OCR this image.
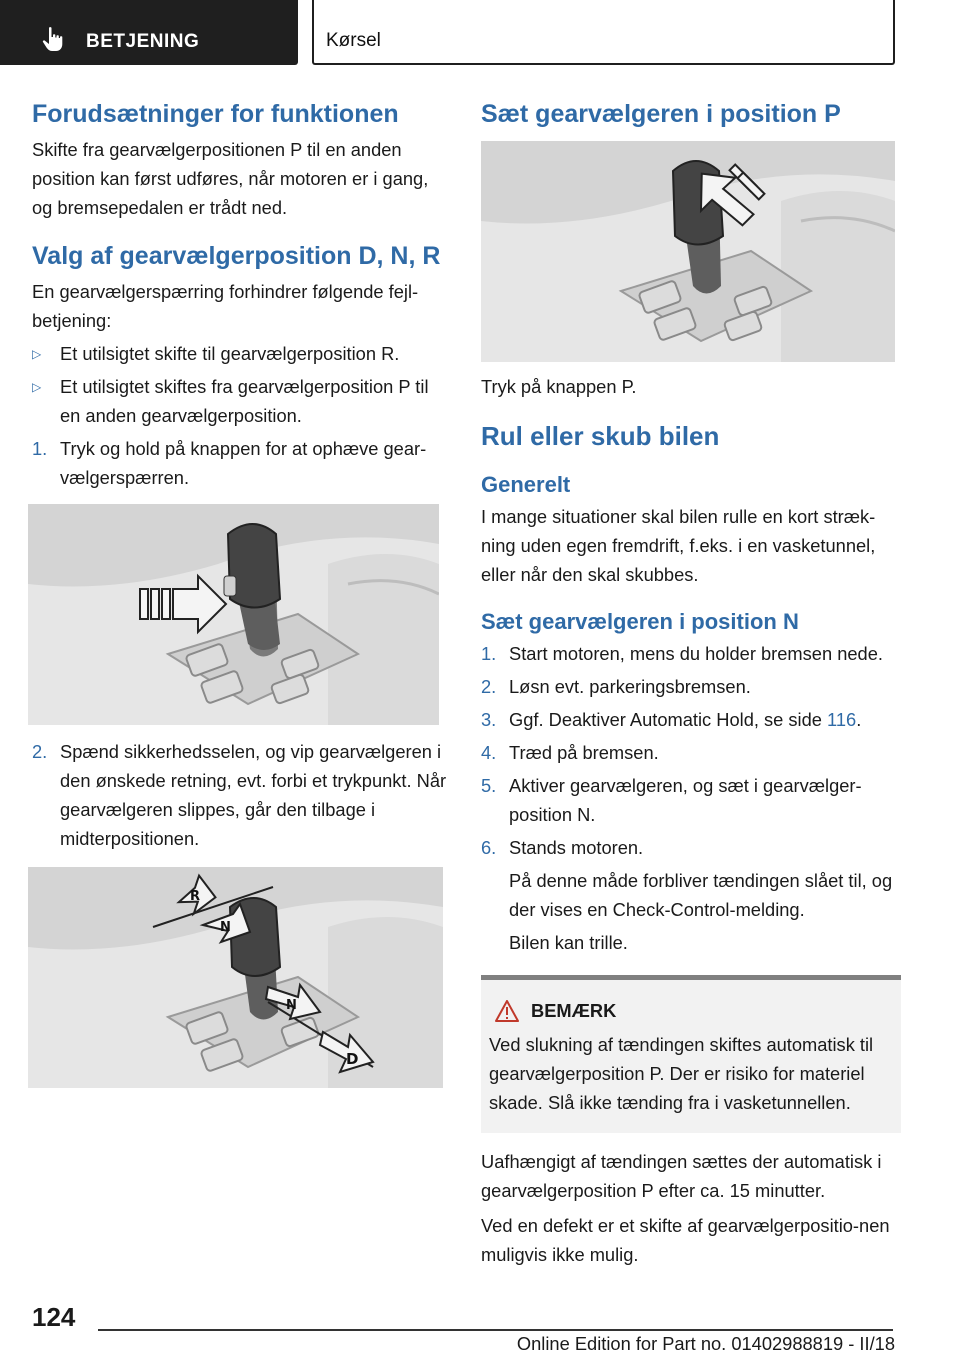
BETJENING	Kørsel
Forudsætninger for funktionen

Skifte fra gearvælgerpositionen P til en anden position kan først udføres, når motoren er i gang, og bremsepedalen er trådt ned.

Valg af gearvælgerposition D, N, R

En gearvælgerspærring forhindrer følgende fejl-betjening:

▷ Et utilsigtet skifte til gearvælgerposition R.
▷ Et utilsigtet skiftes fra gearvælgerposition P til en anden gearvælgerposition.
1. Tryk og hold på knappen for at ophæve gear-vælgerspærren.
2. Spænd sikkerhedsselen, og vip gearvælgeren i den ønskede retning, evt. forbi et trykpunkt. Når gearvælgeren slippes, går den tilbage i midterpositionen.
R
N
N
D
Sæt gearvælgeren i position P

Tryk på knappen P.

Rul eller skub bilen
Generelt

I mange situationer skal bilen rulle en kort stræk-ning uden egen fremdrift, f.eks. i en vasketunnel, eller når den skal skubbes.

Sæt gearvælgeren i position N
1. Start motoren, mens du holder bremsen nede.
2. Løsn evt. parkeringsbremsen.
3. Ggf. Deaktiver Automatic Hold, se side 116.
4. Træd på bremsen.
5. Aktiver gearvælgeren, og sæt i gearvælger-position N.
6. Stands motoren.
På denne måde forbliver tændingen slået til, og der vises en Check-Control-melding.
Bilen kan trille.
BEMÆRK

Ved slukning af tændingen skiftes automatisk til gearvælgerposition P. Der er risiko for materiel skade. Slå ikke tænding fra i vasketunnellen.

Uafhængigt af tændingen sættes der automatisk i gearvælgerposition P efter ca. 15 minutter.

Ved en defekt er et skifte af gearvælgerpositio-nen muligvis ikke mulig.

124
Online Edition for Part no. 01402988819 - II/18
